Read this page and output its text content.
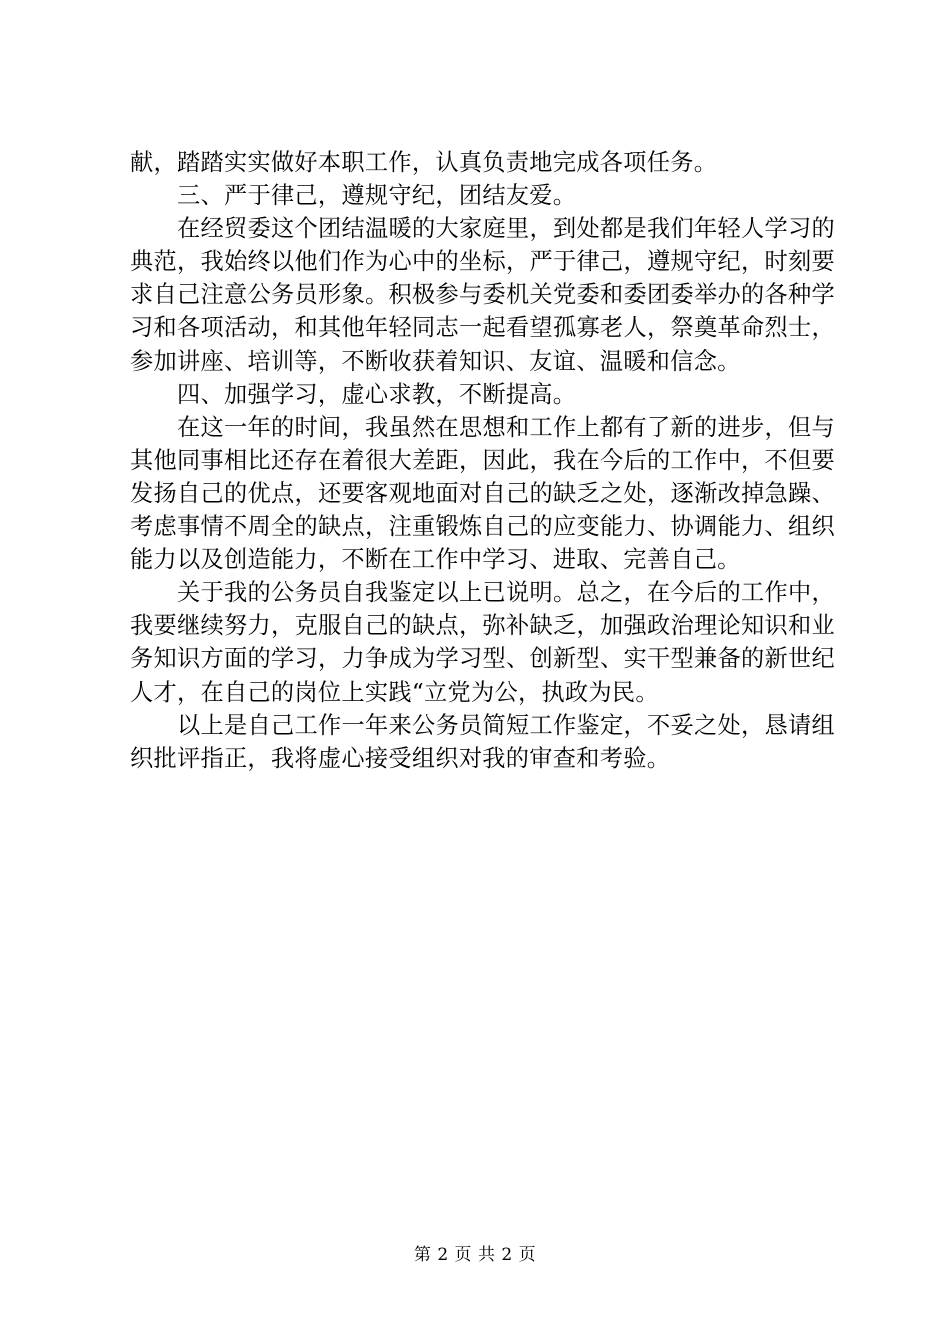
献，踏踏实实做好本职工作，认真负责地完成各项任务。

三、严于律己，遵规守纪，团结友爱。

在经贸委这个团结温暖的大家庭里，到处都是我们年轻人学习的典范，我始终以他们作为心中的坐标，严于律己，遵规守纪，时刻要求自己注意公务员形象。积极参与委机关党委和委团委举办的各种学习和各项活动，和其他年轻同志一起看望孤寡老人，祭奠革命烈士，参加讲座、培训等，不断收获着知识、友谊、温暖和信念。

四、加强学习，虚心求教，不断提高。

在这一年的时间，我虽然在思想和工作上都有了新的进步，但与其他同事相比还存在着很大差距，因此，我在今后的工作中，不但要发扬自己的优点，还要客观地面对自己的缺乏之处，逐渐改掉急躁、考虑事情不周全的缺点，注重锻炼自己的应变能力、协调能力、组织能力以及创造能力，不断在工作中学习、进取、完善自己。

关于我的公务员自我鉴定以上已说明。总之，在今后的工作中，我要继续努力，克服自己的缺点，弥补缺乏，加强政治理论知识和业务知识方面的学习，力争成为学习型、创新型、实干型兼备的新世纪人才，在自己的岗位上实践“立党为公，执政为民。

以上是自己工作一年来公务员简短工作鉴定，不妥之处，恳请组织批评指正，我将虚心接受组织对我的审查和考验。

第 2 页 共 2 页
